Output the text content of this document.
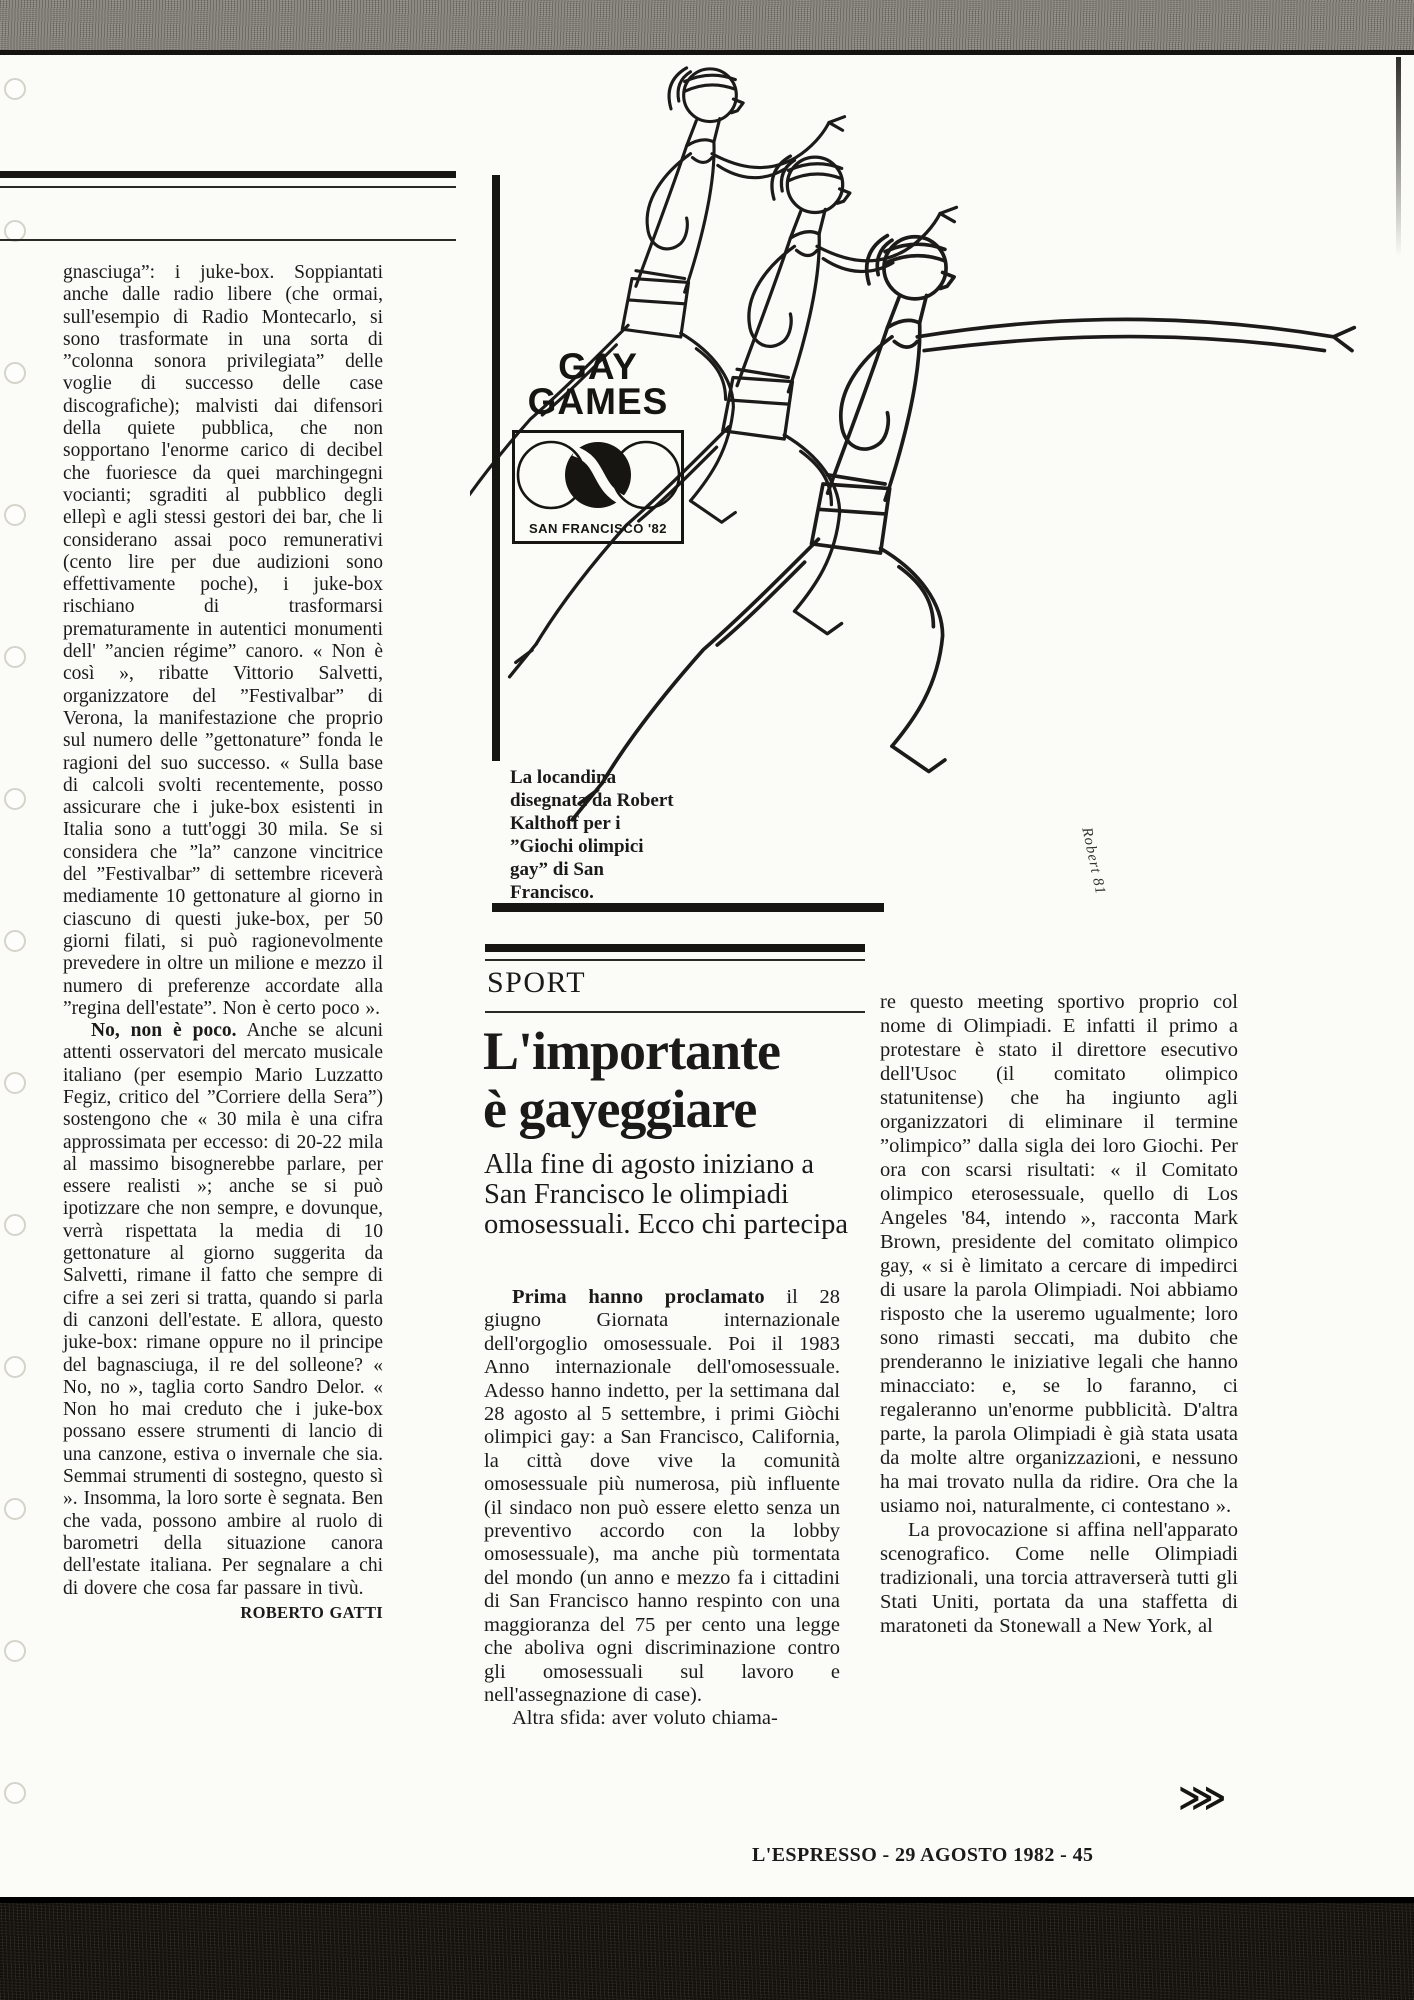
GAY
GAMES
SAN FRANCISCO '82
La locandina disegnata da Robert Kalthoff per i ”Giochi olimpici gay” di San Francisco.	Robert 81

gnasciuga”: i juke-box. Soppiantati anche dalle radio libere (che ormai, sull'esempio di Radio Montecarlo, si sono trasformate in una sorta di ”colonna sonora privilegiata” delle voglie di successo delle case discografiche); malvisti dai difensori della quiete pubblica, che non sopportano l'enorme carico di decibel che fuoriesce da quei marchingegni vocianti; sgraditi al pubblico degli ellepì e agli stessi gestori dei bar, che li considerano assai poco remunerativi (cento lire per due audizioni sono effettivamente poche), i juke-box rischiano di trasformarsi prematuramente in autentici monumenti dell' ”ancien régime” canoro. « Non è così », ribatte Vittorio Salvetti, organizzatore del ”Festivalbar” di Verona, la manifestazione che proprio sul numero delle ”gettonature” fonda le ragioni del suo successo. « Sulla base di calcoli svolti recentemente, posso assicurare che i juke-box esistenti in Italia sono a tutt'oggi 30 mila. Se si considera che ”la” canzone vincitrice del ”Festivalbar” di settembre riceverà mediamente 10 gettonature al giorno in ciascuno di questi juke-box, per 50 giorni filati, si può ragionevolmente prevedere in oltre un milione e mezzo il numero di preferenze accordate alla ”regina dell'estate”. Non è certo poco ».

No, non è poco. Anche se alcuni attenti osservatori del mercato musicale italiano (per esempio Mario Luzzatto Fegiz, critico del ”Corriere della Sera”) sostengono che « 30 mila è una cifra approssimata per eccesso: di 20-22 mila al massimo bisognerebbe parlare, per essere realisti »; anche se si può ipotizzare che non sempre, e dovunque, verrà rispettata la media di 10 gettonature al giorno suggerita da Salvetti, rimane il fatto che sempre di cifre a sei zeri si tratta, quando si parla di canzoni dell'estate. E allora, questo juke-box: rimane oppure no il principe del bagnasciuga, il re del solleone? « No, no », taglia corto Sandro Delor. « Non ho mai creduto che i juke-box possano essere strumenti di lancio di una canzone, estiva o invernale che sia. Semmai strumenti di sostegno, questo sì ». Insomma, la loro sorte è segnata. Ben che vada, possono ambire al ruolo di barometri della situazione canora dell'estate italiana. Per segnalare a chi di dovere che cosa far passare in tivù.

ROBERTO GATTI

SPORT
L'importante
è gayeggiare
Alla fine di agosto iniziano a San Francisco le olimpiadi omosessuali. Ecco chi partecipa

Prima hanno proclamato il 28 giugno Giornata internazionale dell'orgoglio omosessuale. Poi il 1983 Anno internazionale dell'omosessuale. Adesso hanno indetto, per la settimana dal 28 agosto al 5 settembre, i primi Giòchi olimpici gay: a San Francisco, California, la città dove vive la comunità omosessuale più numerosa, più influente (il sindaco non può essere eletto senza un preventivo accordo con la lobby omosessuale), ma anche più tormentata del mondo (un anno e mezzo fa i cittadini di San Francisco hanno respinto con una maggioranza del 75 per cento una legge che aboliva ogni discriminazione contro gli omosessuali sul lavoro e nell'assegnazione di case).

Altra sfida: aver voluto chiama-

re questo meeting sportivo proprio col nome di Olimpiadi. E infatti il primo a protestare è stato il direttore esecutivo dell'Usoc (il comitato olimpico statunitense) che ha ingiunto agli organizzatori di eliminare il termine ”olimpico” dalla sigla dei loro Giochi. Per ora con scarsi risultati: « il Comitato olimpico eterosessuale, quello di Los Angeles '84, intendo », racconta Mark Brown, presidente del comitato olimpico gay, « si è limitato a cercare di impedirci di usare la parola Olimpiadi. Noi abbiamo risposto che la useremo ugualmente; loro sono rimasti seccati, ma dubito che prenderanno le iniziative legali che hanno minacciato: e, se lo faranno, ci regaleranno un'enorme pubblicità. D'altra parte, la parola Olimpiadi è già stata usata da molte altre organizzazioni, e nessuno ha mai trovato nulla da ridire. Ora che la usiamo noi, naturalmente, ci contestano ».

La provocazione si affina nell'apparato scenografico. Come nelle Olimpiadi tradizionali, una torcia attraverserà tutti gli Stati Uniti, portata da una staffetta di maratoneti da Stonewall a New York, al

⋙
L'ESPRESSO - 29 AGOSTO 1982 - 45
